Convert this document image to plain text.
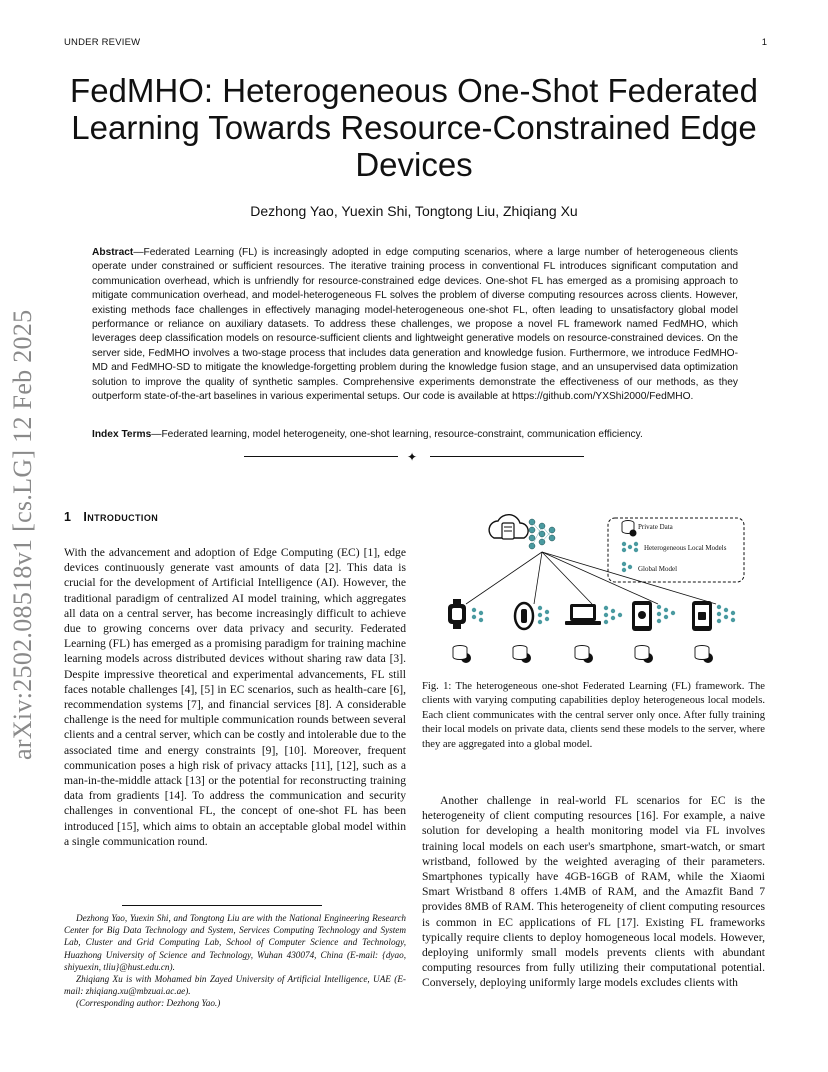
UNDER REVIEW	1
arXiv:2502.08518v1 [cs.LG] 12 Feb 2025
FedMHO: Heterogeneous One-Shot Federated Learning Towards Resource-Constrained Edge Devices
Dezhong Yao, Yuexin Shi, Tongtong Liu, Zhiqiang Xu
Abstract—Federated Learning (FL) is increasingly adopted in edge computing scenarios, where a large number of heterogeneous clients operate under constrained or sufficient resources. The iterative training process in conventional FL introduces significant computation and communication overhead, which is unfriendly for resource-constrained edge devices. One-shot FL has emerged as a promising approach to mitigate communication overhead, and model-heterogeneous FL solves the problem of diverse computing resources across clients. However, existing methods face challenges in effectively managing model-heterogeneous one-shot FL, often leading to unsatisfactory global model performance or reliance on auxiliary datasets. To address these challenges, we propose a novel FL framework named FedMHO, which leverages deep classification models on resource-sufficient clients and lightweight generative models on resource-constrained devices. On the server side, FedMHO involves a two-stage process that includes data generation and knowledge fusion. Furthermore, we introduce FedMHO-MD and FedMHO-SD to mitigate the knowledge-forgetting problem during the knowledge fusion stage, and an unsupervised data optimization solution to improve the quality of synthetic samples. Comprehensive experiments demonstrate the effectiveness of our methods, as they outperform state-of-the-art baselines in various experimental setups. Our code is available at https://github.com/YXShi2000/FedMHO.
Index Terms—Federated learning, model heterogeneity, one-shot learning, resource-constraint, communication efficiency.
✦
1 Introduction
With the advancement and adoption of Edge Computing (EC) [1], edge devices continuously generate vast amounts of data [2]. This data is crucial for the development of Artificial Intelligence (AI). However, the traditional paradigm of centralized AI model training, which aggregates all data on a central server, has become increasingly difficult to achieve due to growing concerns over data privacy and security. Federated Learning (FL) has emerged as a promising paradigm for training machine learning models across distributed devices without sharing raw data [3]. Despite impressive theoretical and experimental advancements, FL still faces notable challenges [4], [5] in EC scenarios, such as health-care [6], recommendation systems [7], and financial services [8]. A considerable challenge is the need for multiple communication rounds between several clients and a central server, which can be costly and intolerable due to the associated time and energy constraints [9], [10]. Moreover, frequent communication poses a high risk of privacy attacks [11], [12], such as a man-in-the-middle attack [13] or the potential for reconstructing training data from gradients [14]. To address the communication and security challenges in conventional FL, the concept of one-shot FL has been introduced [15], which aims to obtain an acceptable global model within a single communication round.

Dezhong Yao, Yuexin Shi, and Tongtong Liu are with the National Engineering Research Center for Big Data Technology and System, Services Computing Technology and System Lab, Cluster and Grid Computing Lab, School of Computer Science and Technology, Huazhong University of Science and Technology, Wuhan 430074, China (E-mail: {dyao, shiyuexin, tliu}@hust.edu.cn).

Zhiqiang Xu is with Mohamed bin Zayed University of Artificial Intelligence, UAE (E-mail: zhiqiang.xu@mbzuai.ac.ae).

(Corresponding author: Dezhong Yao.)

Private Data
Heterogeneous Local Models
Global Model
Fig. 1: The heterogeneous one-shot Federated Learning (FL) framework. The clients with varying computing capabilities deploy heterogeneous local models. Each client communicates with the central server only once. After fully training their local models on private data, clients send these models to the server, where they are aggregated into a global model.
Another challenge in real-world FL scenarios for EC is the heterogeneity of client computing resources [16]. For example, a naive solution for developing a health monitoring model via FL involves training local models on each user's smartphone, smart-watch, or smart wristband, followed by the weighted averaging of their parameters. Smartphones typically have 4GB-16GB of RAM, while the Xiaomi Smart Wristband 8 offers 1.4MB of RAM, and the Amazfit Band 7 provides 8MB of RAM. This heterogeneity of client computing resources is common in EC applications of FL [17]. Existing FL frameworks typically require clients to deploy homogeneous local models. However, deploying uniformly small models prevents clients with abundant computing resources from fully utilizing their computational potential. Conversely, deploying uniformly large models excludes clients with
